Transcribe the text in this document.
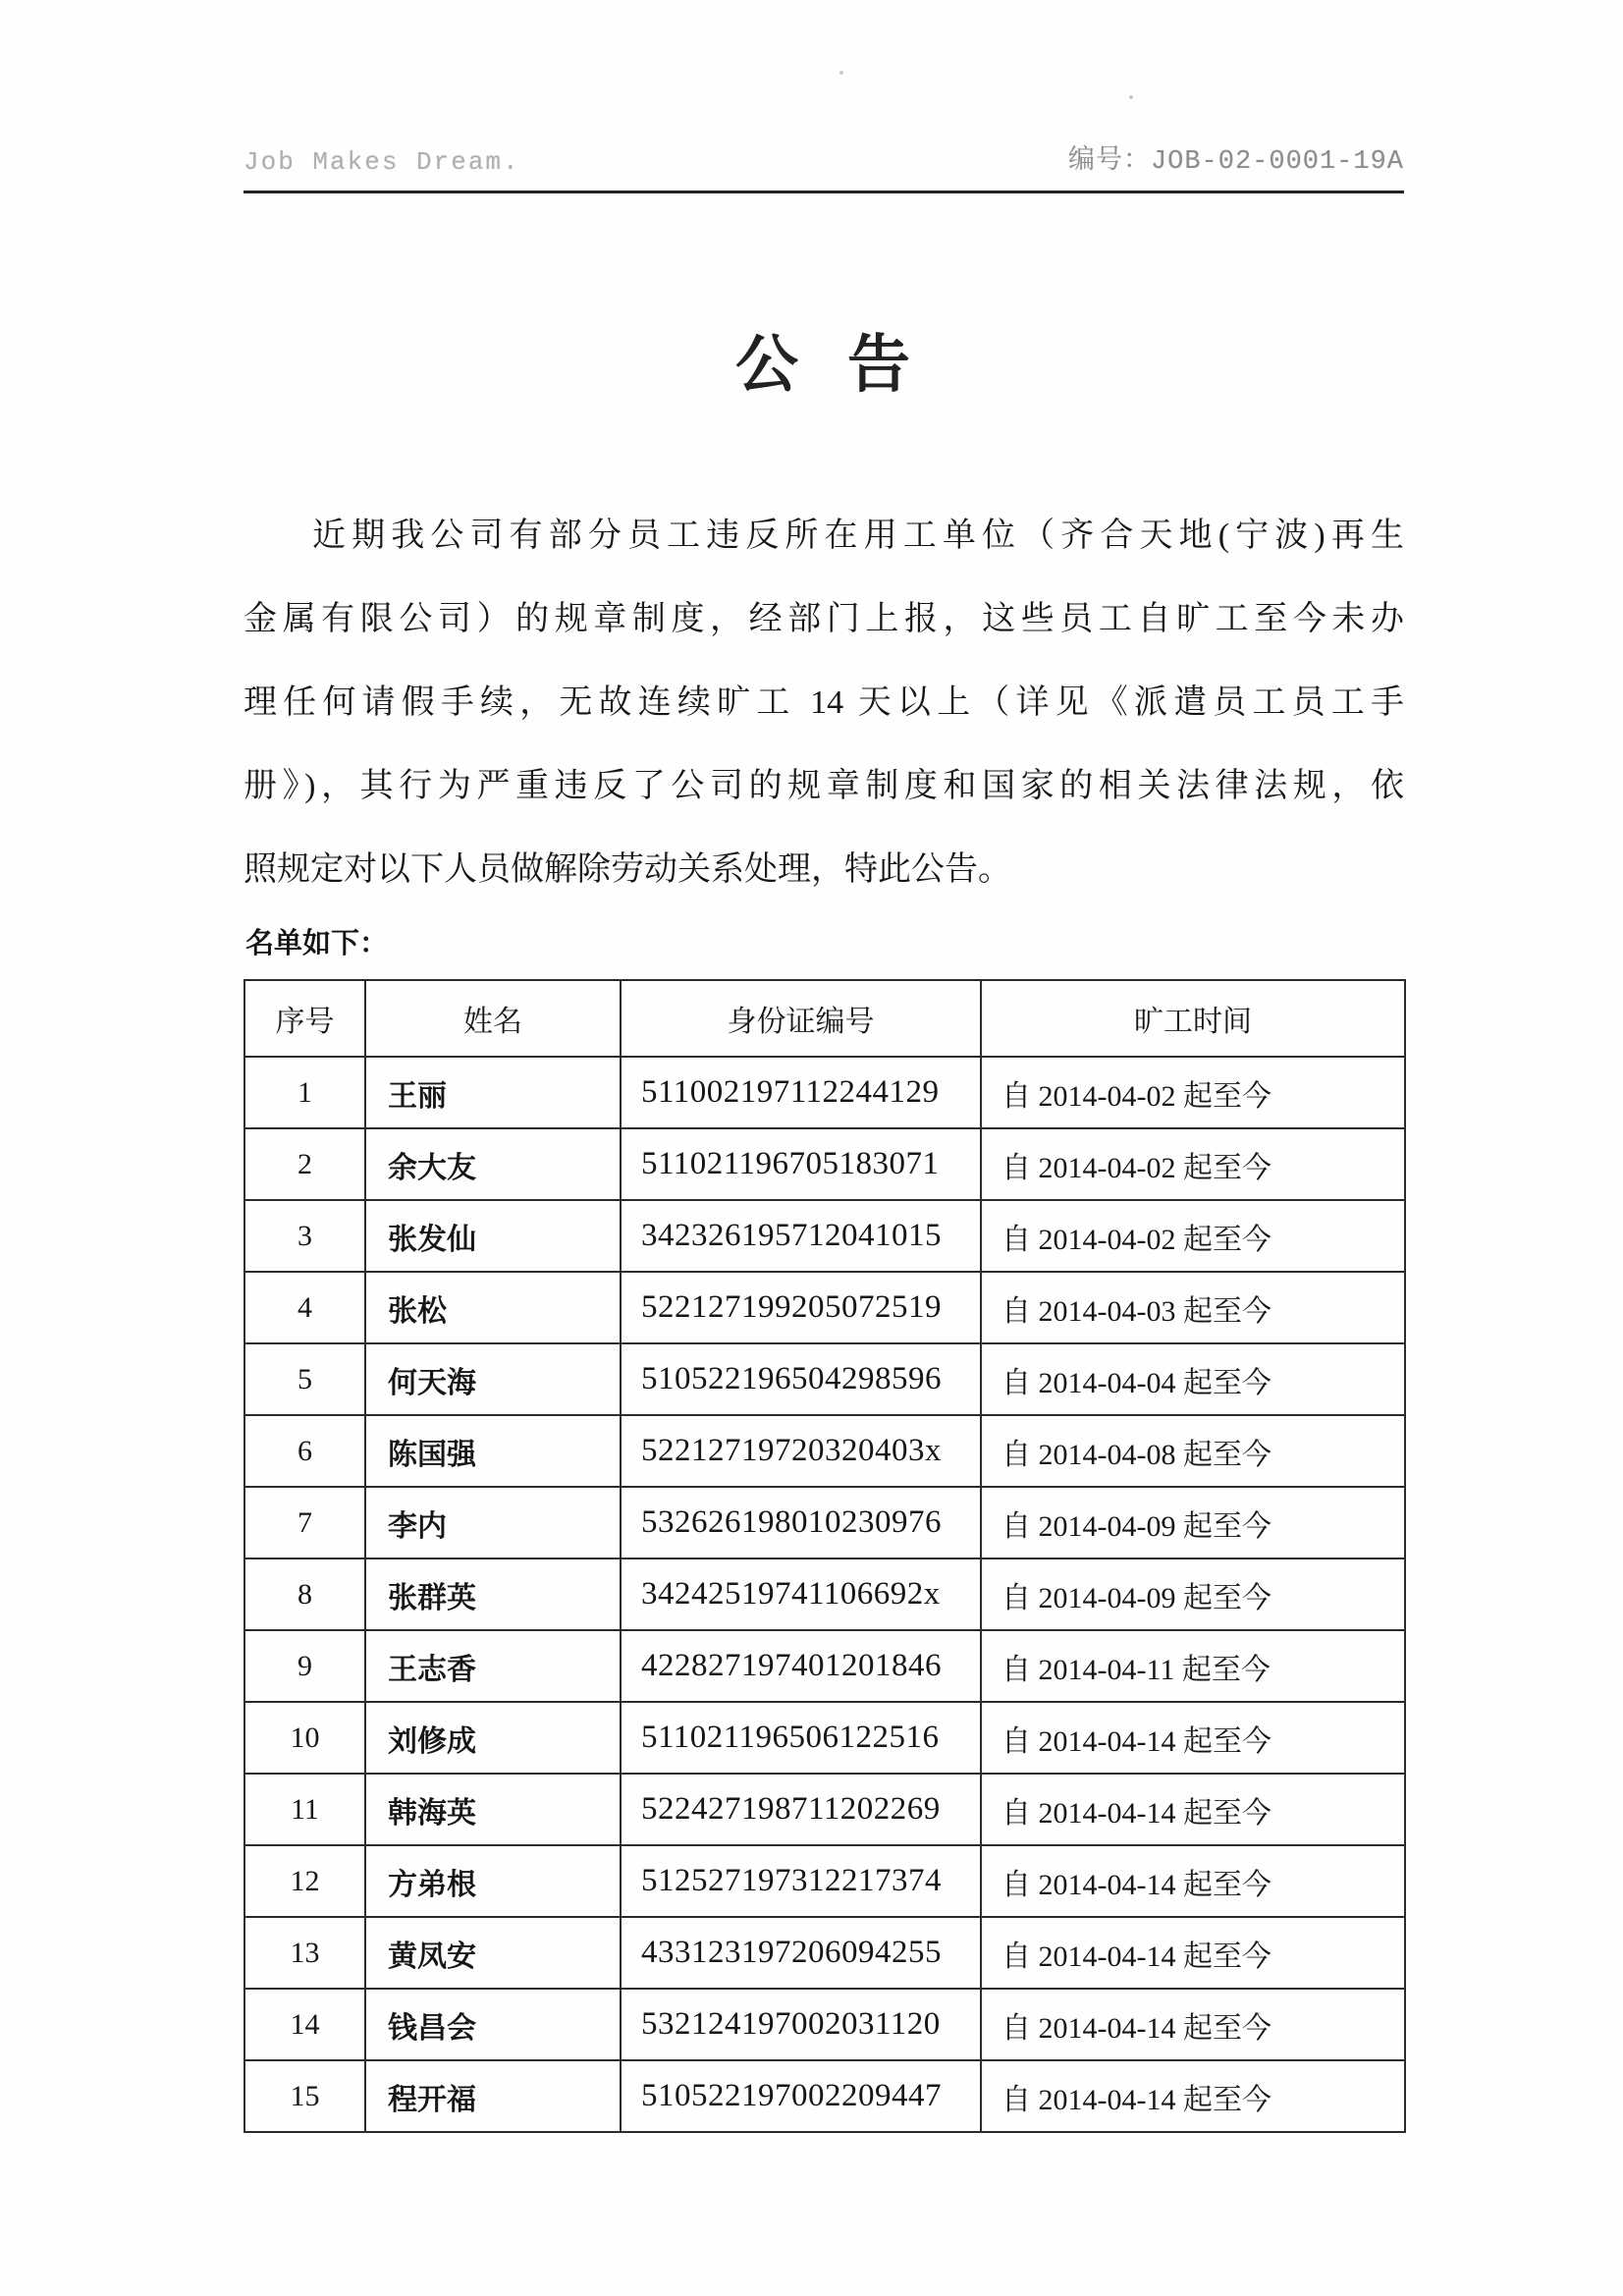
Job Makes Dream.	编号：JOB-02-0001-19A
公 告
近期我公司有部分员工违反所在用工单位（齐合天地(宁波)再生
金属有限公司）的规章制度，经部门上报，这些员工自旷工至今未办
理任何请假手续，无故连续旷工 14 天以上（详见《派遣员工员工手
册》)，其行为严重违反了公司的规章制度和国家的相关法律法规，依
照规定对以下人员做解除劳动关系处理，特此公告。
名单如下：
序号	姓名	身份证编号	旷工时间
1	王丽	511002197112244129	自 2014-04-02 起至今
2	余大友	511021196705183071	自 2014-04-02 起至今
3	张发仙	342326195712041015	自 2014-04-02 起至今
4	张松	522127199205072519	自 2014-04-03 起至今
5	何天海	510522196504298596	自 2014-04-04 起至今
6	陈国强	52212719720320403x	自 2014-04-08 起至今
7	李内	532626198010230976	自 2014-04-09 起至今
8	张群英	34242519741106692x	自 2014-04-09 起至今
9	王志香	422827197401201846	自 2014-04-11 起至今
10	刘修成	511021196506122516	自 2014-04-14 起至今
11	韩海英	522427198711202269	自 2014-04-14 起至今
12	方弟根	512527197312217374	自 2014-04-14 起至今
13	黄凤安	433123197206094255	自 2014-04-14 起至今
14	钱昌会	532124197002031120	自 2014-04-14 起至今
15	程开福	510522197002209447	自 2014-04-14 起至今
